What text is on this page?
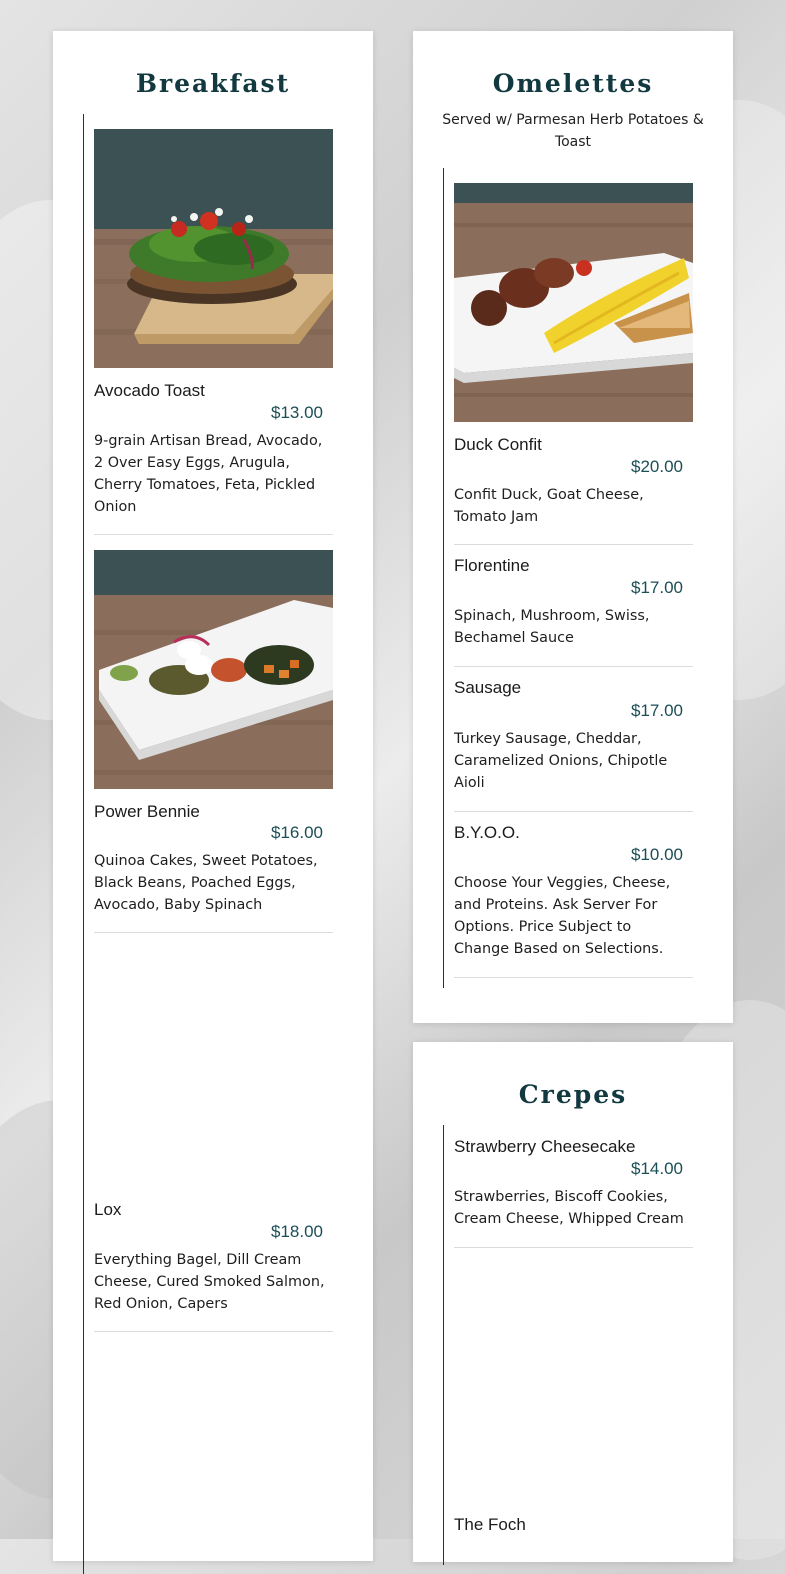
Breakfast
Avocado Toast
$13.00
9-grain Artisan Bread, Avocado, 2 Over Easy Eggs, Arugula, Cherry Tomatoes, Feta, Pickled Onion
Power Bennie
$16.00
Quinoa Cakes, Sweet Potatoes, Black Beans, Poached Eggs, Avocado, Baby Spinach
Lox
$18.00
Everything Bagel, Dill Cream Cheese, Cured Smoked Salmon, Red Onion, Capers
Omelettes
Served w/ Parmesan Herb Potatoes & Toast
Duck Confit
$20.00
Confit Duck, Goat Cheese, Tomato Jam
Florentine
$17.00
Spinach, Mushroom, Swiss, Bechamel Sauce
Sausage
$17.00
Turkey Sausage, Cheddar, Caramelized Onions, Chipotle Aioli
B.Y.O.O.
$10.00
Choose Your Veggies, Cheese, and Proteins. Ask Server For Options. Price Subject to Change Based on Selections.
Crepes
Strawberry Cheesecake
$14.00
Strawberries, Biscoff Cookies, Cream Cheese, Whipped Cream
The Foch
